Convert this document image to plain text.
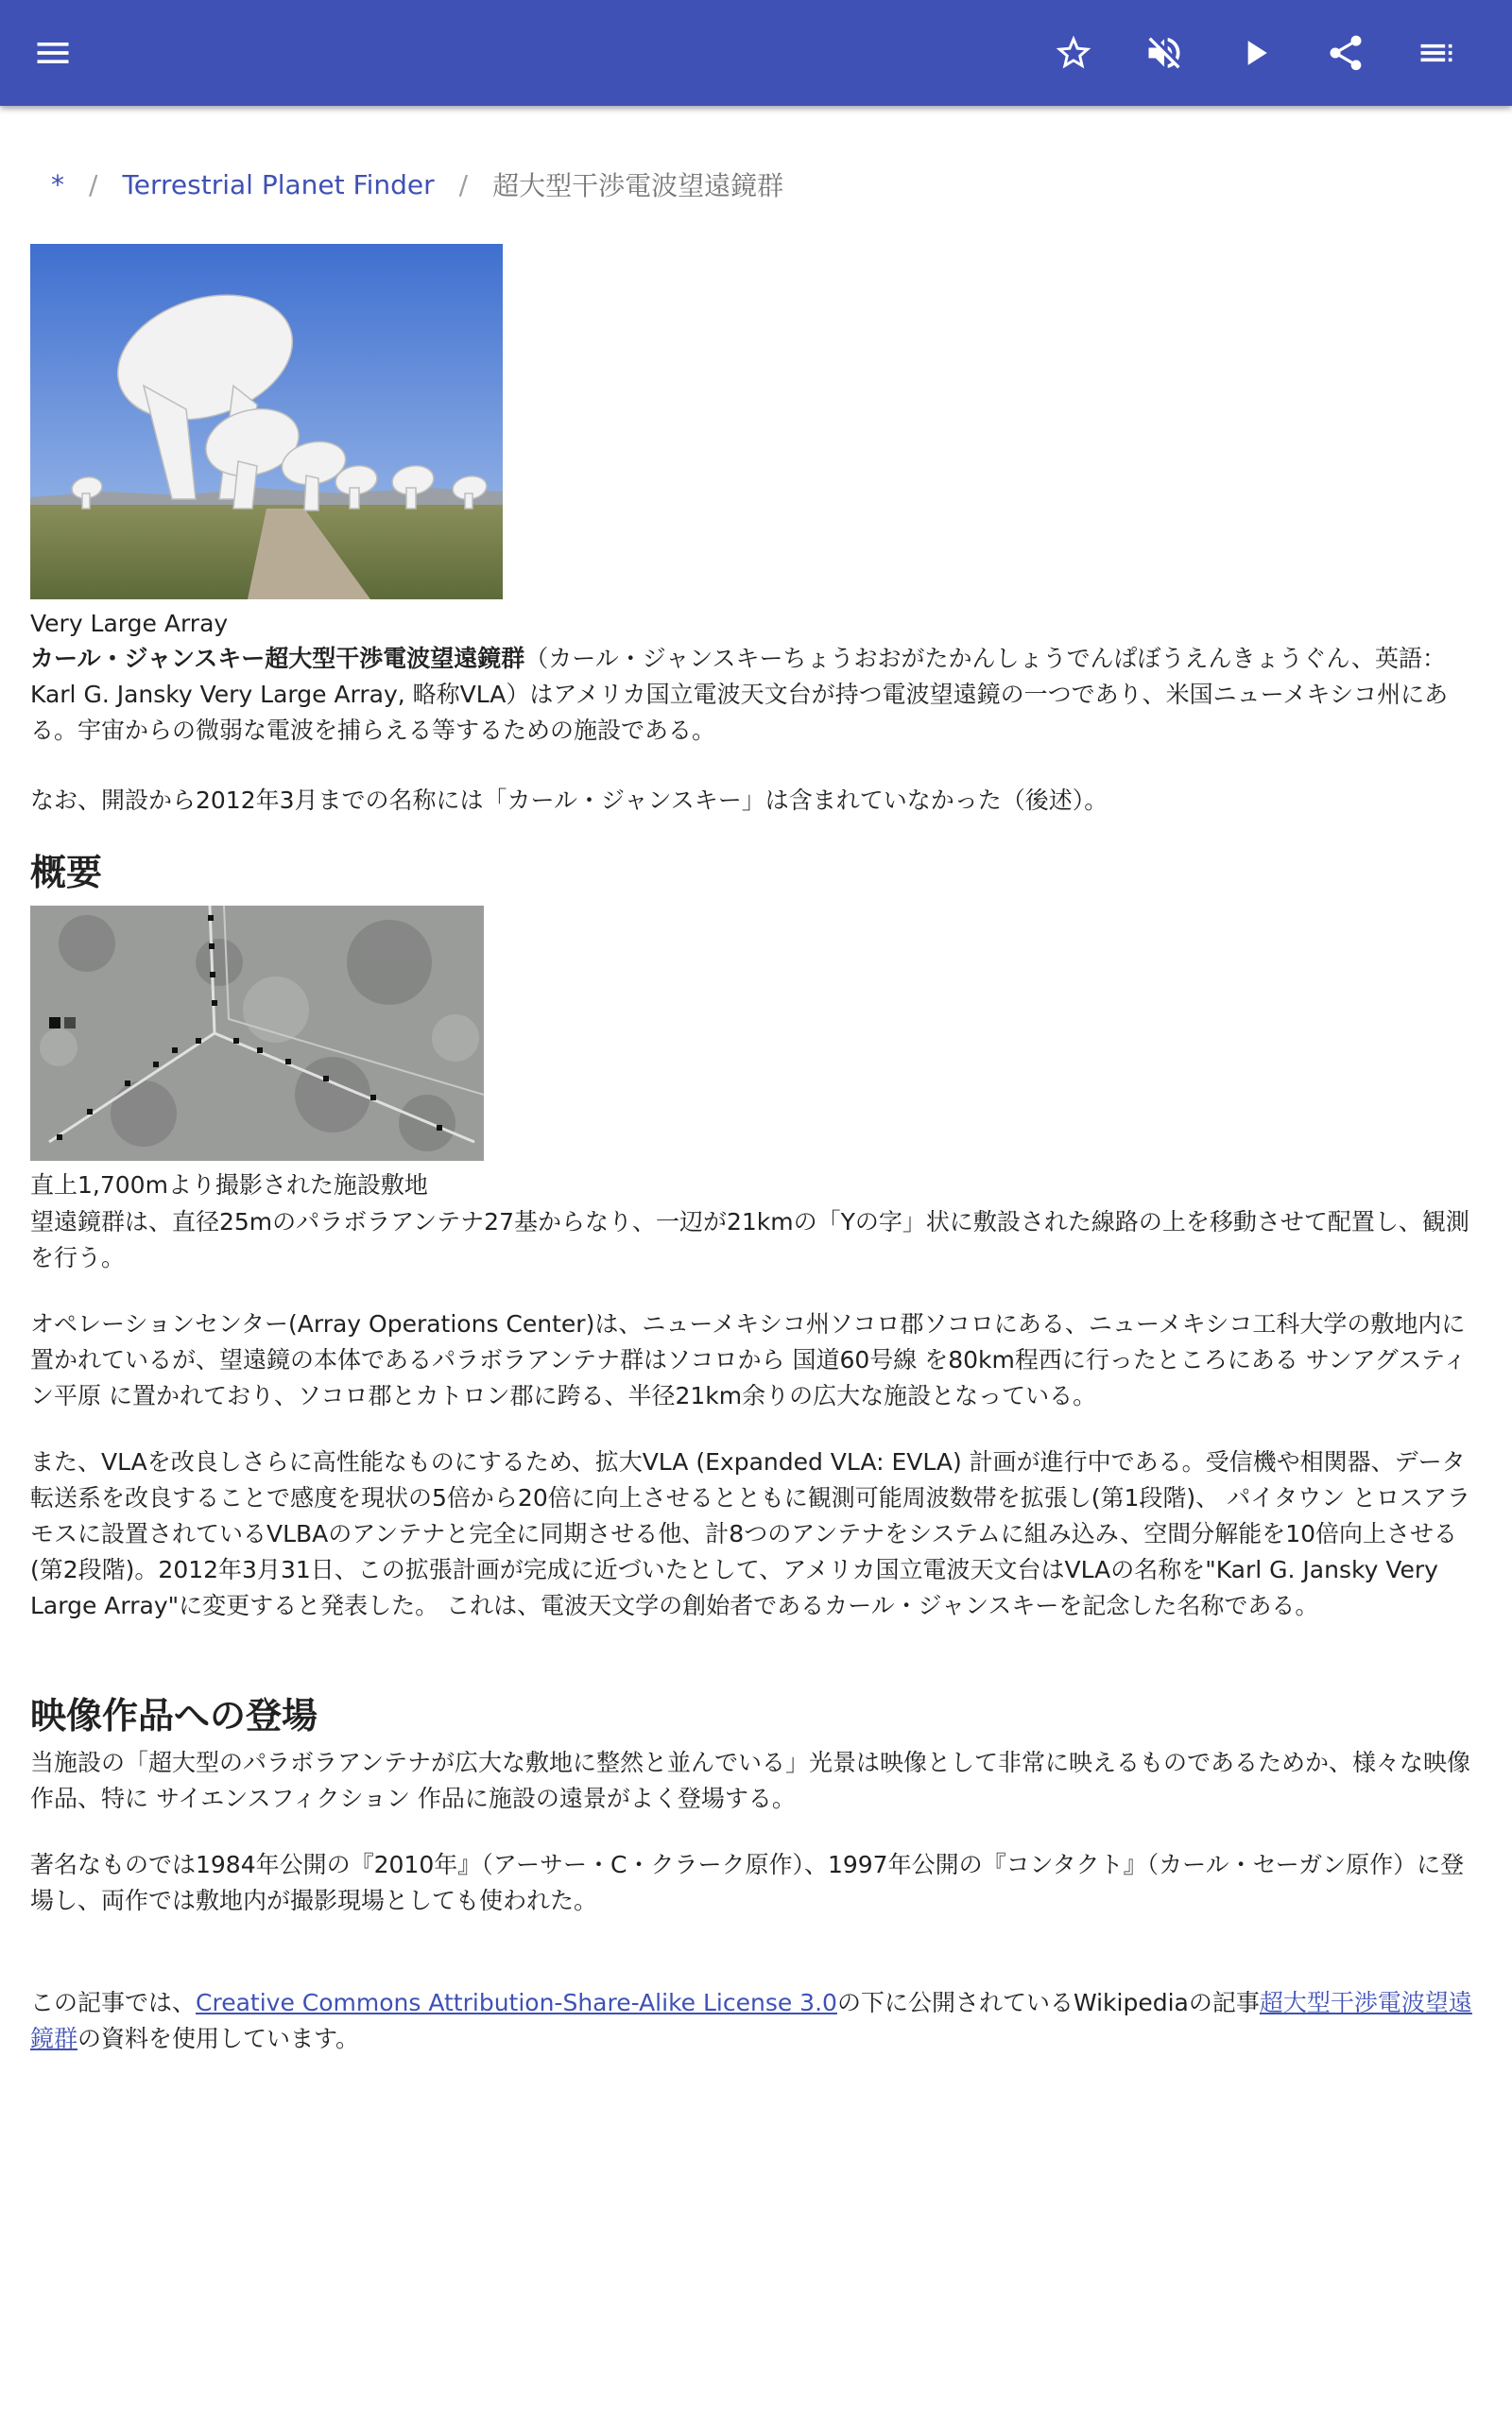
* / Terrestrial Planet Finder / 超大型干渉電波望遠鏡群
Very Large Array

カール・ジャンスキー超大型干渉電波望遠鏡群（カール・ジャンスキーちょうおおがたかんしょうでんぱぼうえんきょうぐん、英語：Karl G. Jansky Very Large Array, 略称VLA）はアメリカ国立電波天文台が持つ電波望遠鏡の一つであり、米国ニューメキシコ州にある。宇宙からの微弱な電波を捕らえる等するための施設である。

なお、開設から2012年3月までの名称には「カール・ジャンスキー」は含まれていなかった（後述）。

概要
直上1,700mより撮影された施設敷地

望遠鏡群は、直径25mのパラボラアンテナ27基からなり、一辺が21kmの「Yの字」状に敷設された線路の上を移動させて配置し、観測を行う。

オペレーションセンター(Array Operations Center)は、ニューメキシコ州ソコロ郡ソコロにある、ニューメキシコ工科大学の敷地内に置かれているが、望遠鏡の本体であるパラボラアンテナ群はソコロから 国道60号線 を80km程西に行ったところにある サンアグスティン平原 に置かれており、ソコロ郡とカトロン郡に跨る、半径21km余りの広大な施設となっている。

また、VLAを改良しさらに高性能なものにするため、拡大VLA (Expanded VLA: EVLA) 計画が進行中である。受信機や相関器、データ転送系を改良することで感度を現状の5倍から20倍に向上させるとともに観測可能周波数帯を拡張し(第1段階)、 パイタウン とロスアラモスに設置されているVLBAのアンテナと完全に同期させる他、計8つのアンテナをシステムに組み込み、空間分解能を10倍向上させる(第2段階)。2012年3月31日、この拡張計画が完成に近づいたとして、アメリカ国立電波天文台はVLAの名称を"Karl G. Jansky Very Large Array"に変更すると発表した。 これは、電波天文学の創始者であるカール・ジャンスキーを記念した名称である。

映像作品への登場

当施設の「超大型のパラボラアンテナが広大な敷地に整然と並んでいる」光景は映像として非常に映えるものであるためか、様々な映像作品、特に サイエンスフィクション 作品に施設の遠景がよく登場する。

著名なものでは1984年公開の『2010年』（アーサー・C・クラーク原作）、1997年公開の『コンタクト』（カール・セーガン原作）に登場し、両作では敷地内が撮影現場としても使われた。

この記事では、Creative Commons Attribution-Share-Alike License 3.0の下に公開されているWikipediaの記事超大型干渉電波望遠鏡群の資料を使用しています。
